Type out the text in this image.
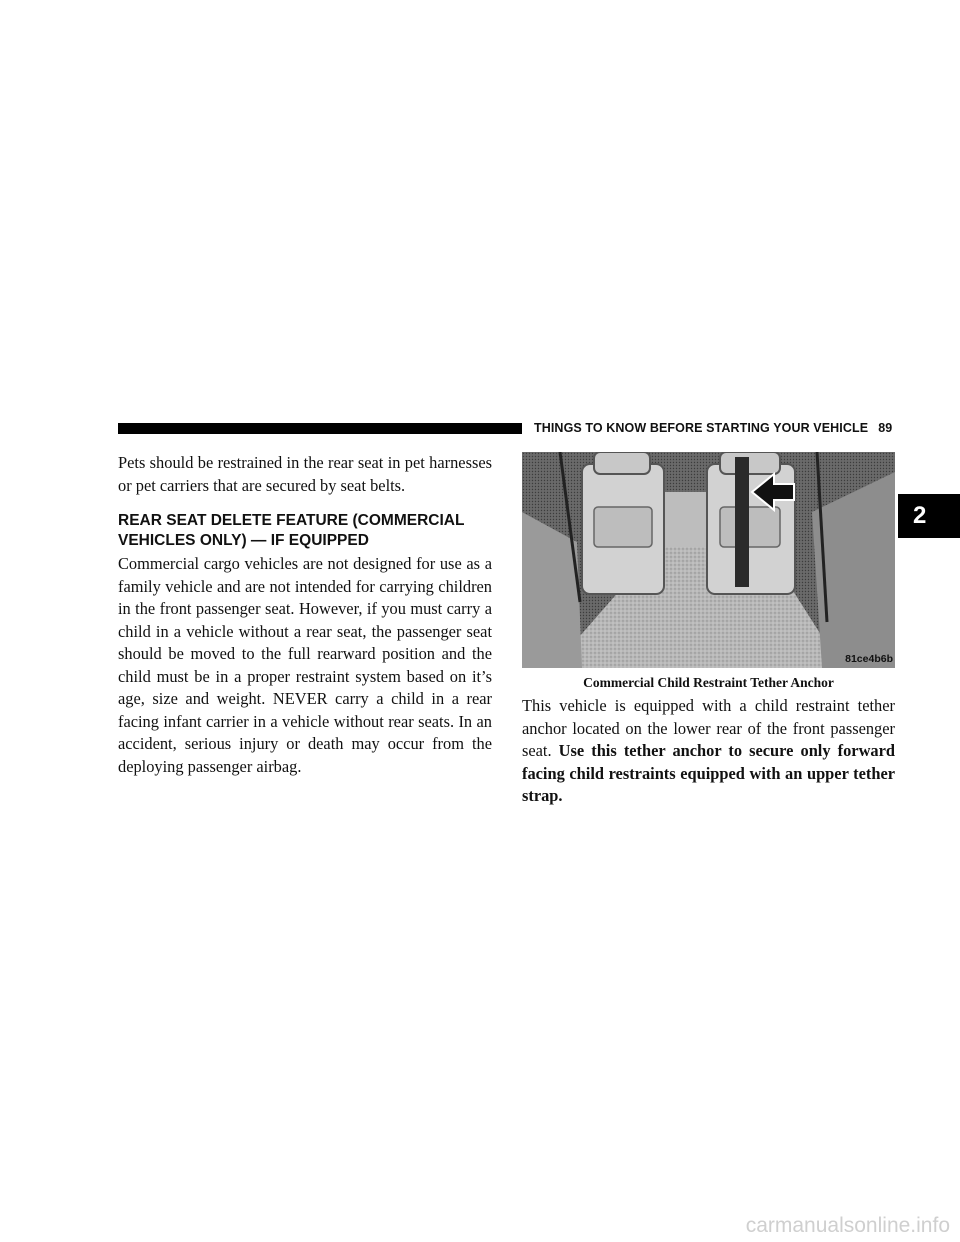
THINGS TO KNOW BEFORE STARTING YOUR VEHICLE 89

Pets should be restrained in the rear seat in pet harnesses or pet carriers that are secured by seat belts.

REAR SEAT DELETE FEATURE (COMMERCIAL VEHICLES ONLY) — IF EQUIPPED

Commercial cargo vehicles are not designed for use as a family vehicle and are not intended for carrying children in the front passenger seat. However, if you must carry a child in a vehicle without a rear seat, the passenger seat should be moved to the full rearward position and the child must be in a proper restraint system based on it’s age, size and weight. NEVER carry a child in a rear facing infant carrier in a vehicle without rear seats. In an accident, serious injury or death may occur from the deploying passenger airbag.

81ce4b6b
Commercial Child Restraint Tether Anchor

This vehicle is equipped with a child restraint tether anchor located on the lower rear of the front passenger seat. Use this tether anchor to secure only forward facing child restraints equipped with an upper tether strap.

2
carmanualsonline.info
